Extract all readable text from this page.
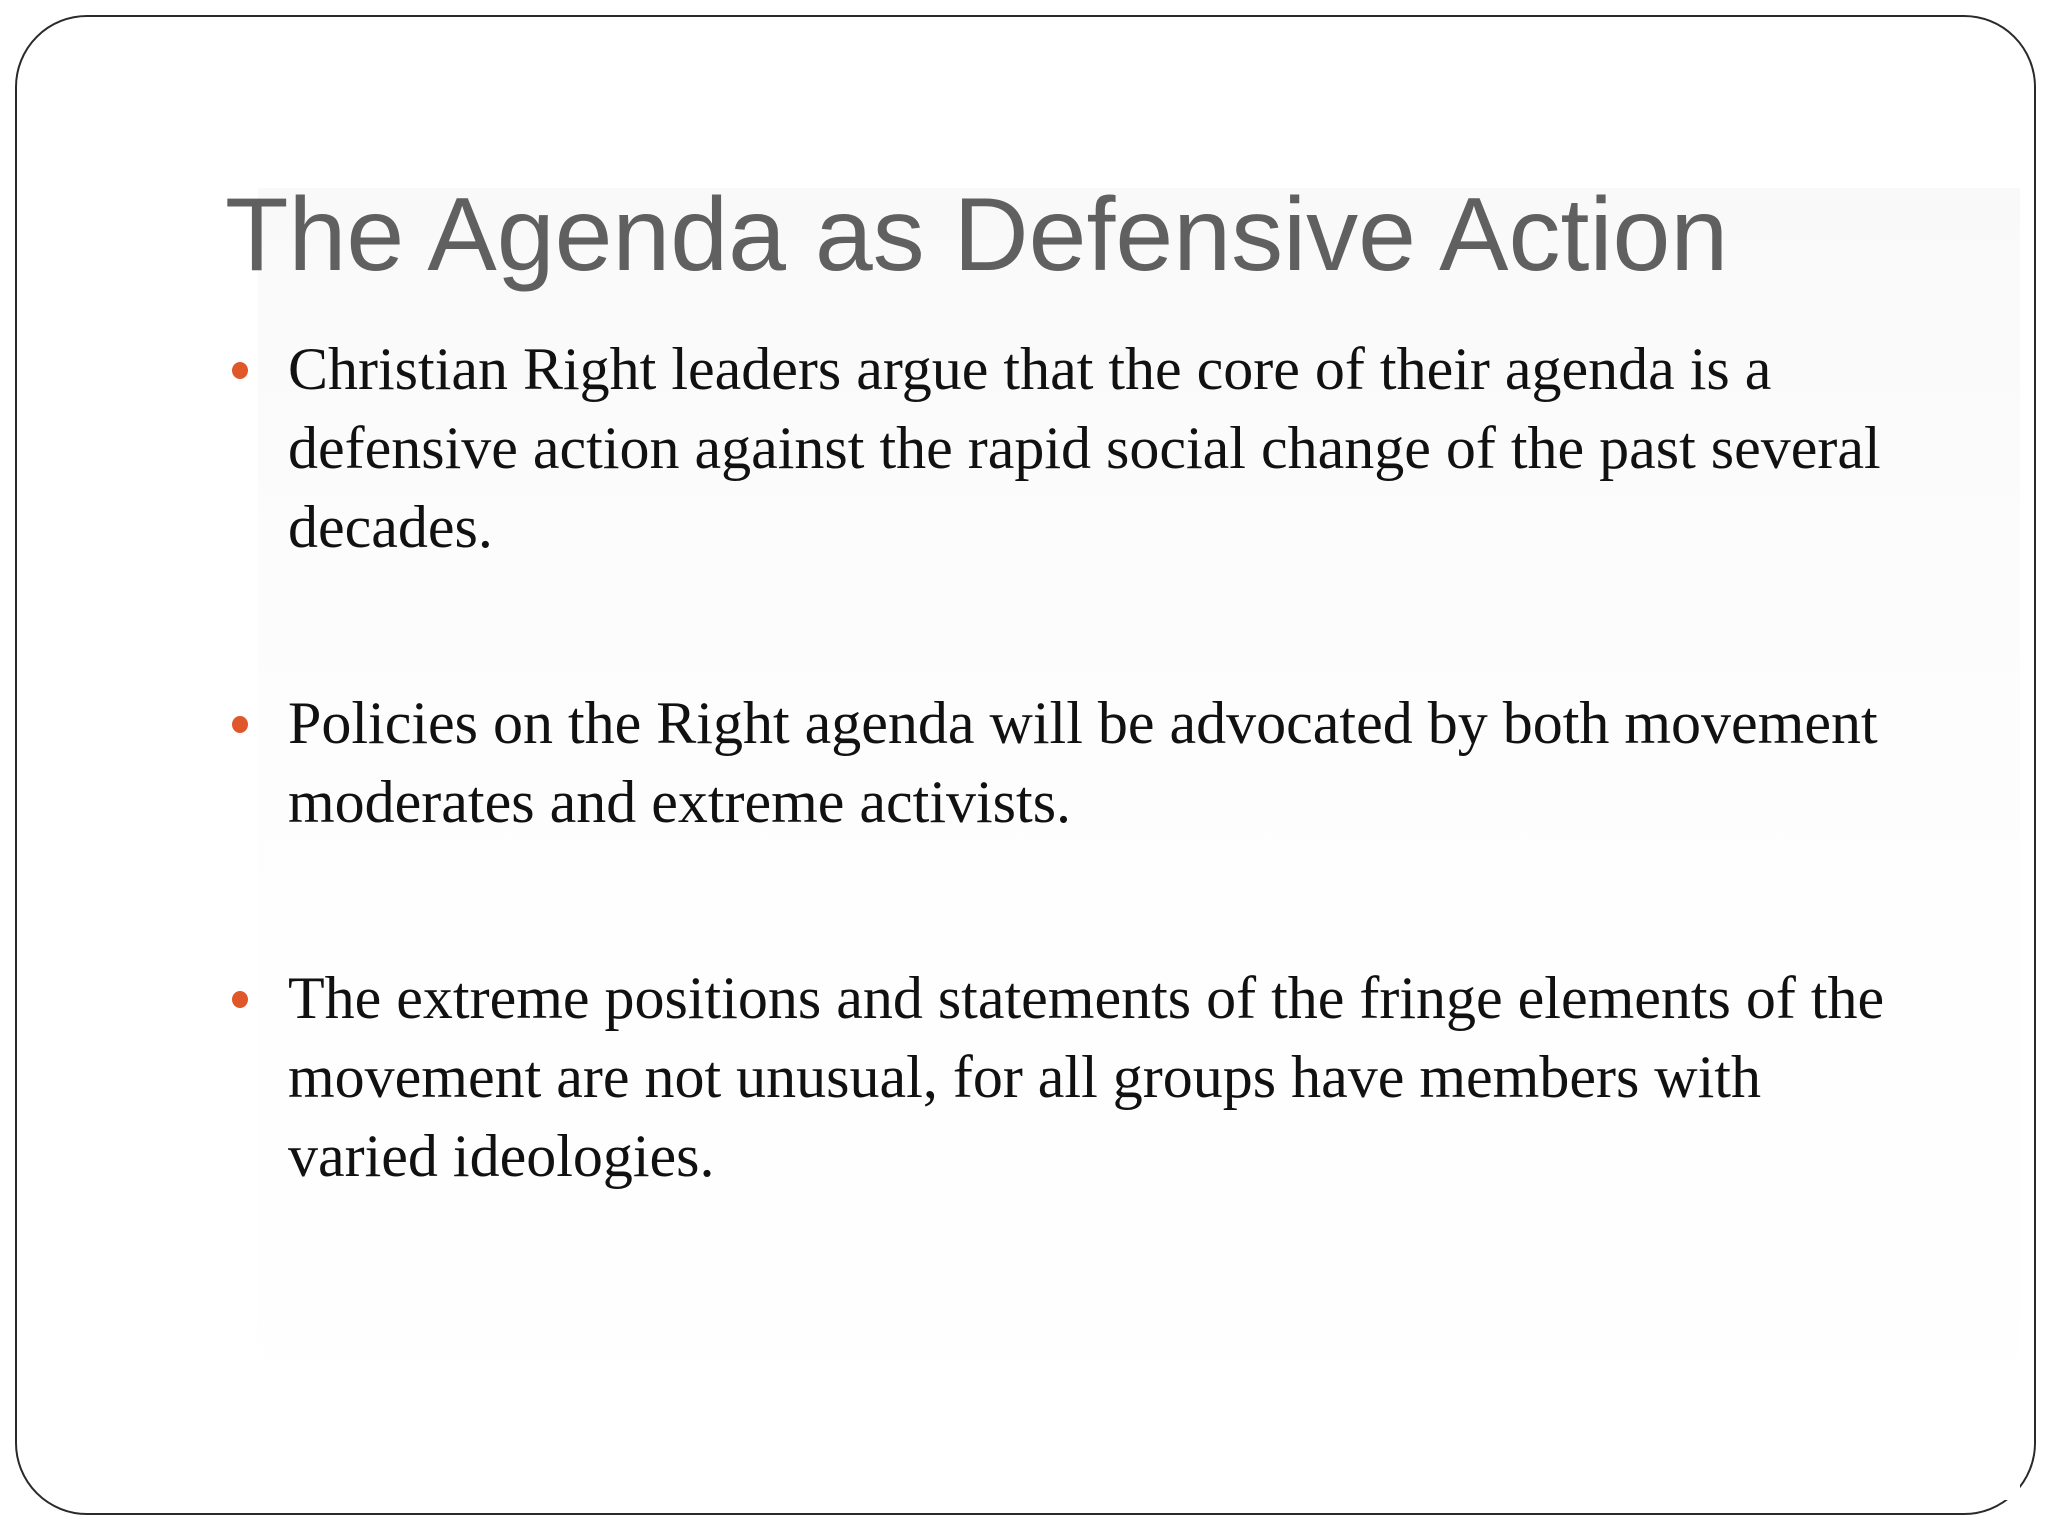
The Agenda as Defensive Action
Christian Right leaders argue that the core of their agenda is a defensive action against the rapid social change of the past several decades.
Policies on the Right agenda will be advocated by both movement moderates and extreme activists.
The extreme positions and statements of the fringe elements of the movement are not unusual, for all groups have members with varied ideologies.
